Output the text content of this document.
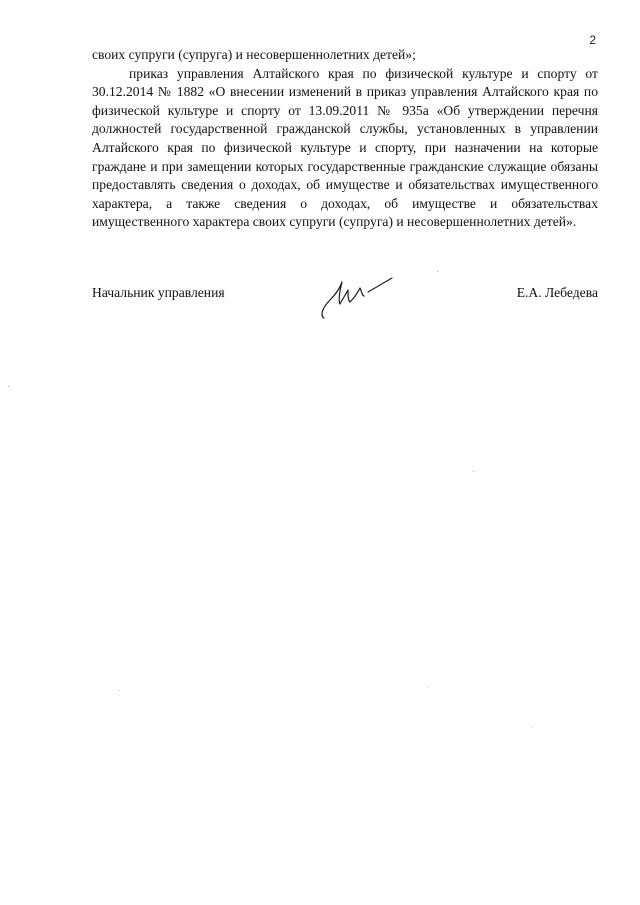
2

своих супруги (супруга) и несовершеннолетних детей»;

приказ управления Алтайского края по физической культуре и спорту от 30.12.2014 № 1882 «О внесении изменений в приказ управления Алтайского края по физической культуре и спорту от 13.09.2011 № 935а «Об утверждении перечня должностей государственной гражданской службы, установленных в управлении Алтайского края по физической культуре и спорту, при назначении на которые граждане и при замещении которых государственные гражданские служащие обязаны предоставлять сведения о доходах, об имуществе и обязательствах имущественного характера, а также сведения о доходах, об имуществе и обязательствах имущественного характера своих супруги (супруга) и несовершеннолетних детей».

Начальник управления	Е.А. Лебедева
